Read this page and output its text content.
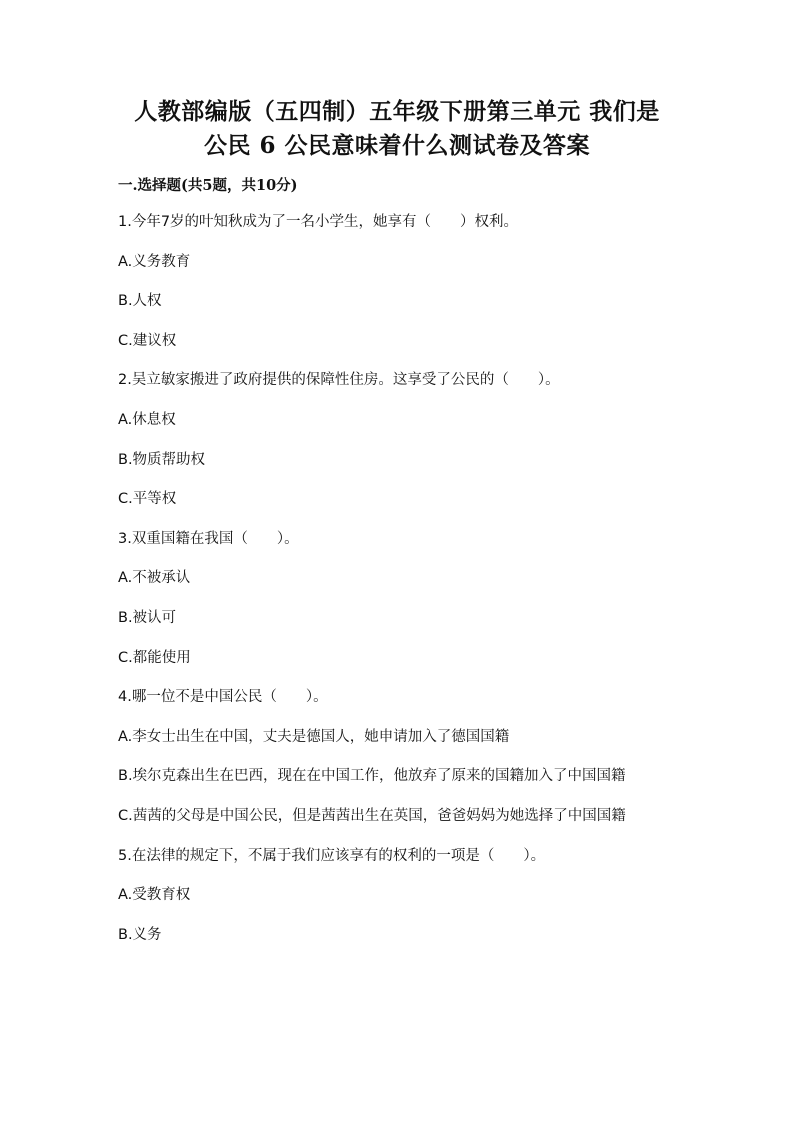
人教部编版（五四制）五年级下册第三单元 我们是
公民 6 公民意味着什么测试卷及答案
一.选择题(共5题，共10分)
1.今年7岁的叶知秋成为了一名小学生，她享有（　　）权利。
A.义务教育
B.人权
C.建议权
2.吴立敏家搬进了政府提供的保障性住房。这享受了公民的（　　）。
A.休息权
B.物质帮助权
C.平等权
3.双重国籍在我国（　　）。
A.不被承认
B.被认可
C.都能使用
4.哪一位不是中国公民（　　）。
A.李女士出生在中国，丈夫是德国人，她申请加入了德国国籍
B.埃尔克森出生在巴西，现在在中国工作，他放弃了原来的国籍加入了中国国籍
C.茜茜的父母是中国公民，但是茜茜出生在英国，爸爸妈妈为她选择了中国国籍
5.在法律的规定下，不属于我们应该享有的权利的一项是（　　）。
A.受教育权
B.义务
